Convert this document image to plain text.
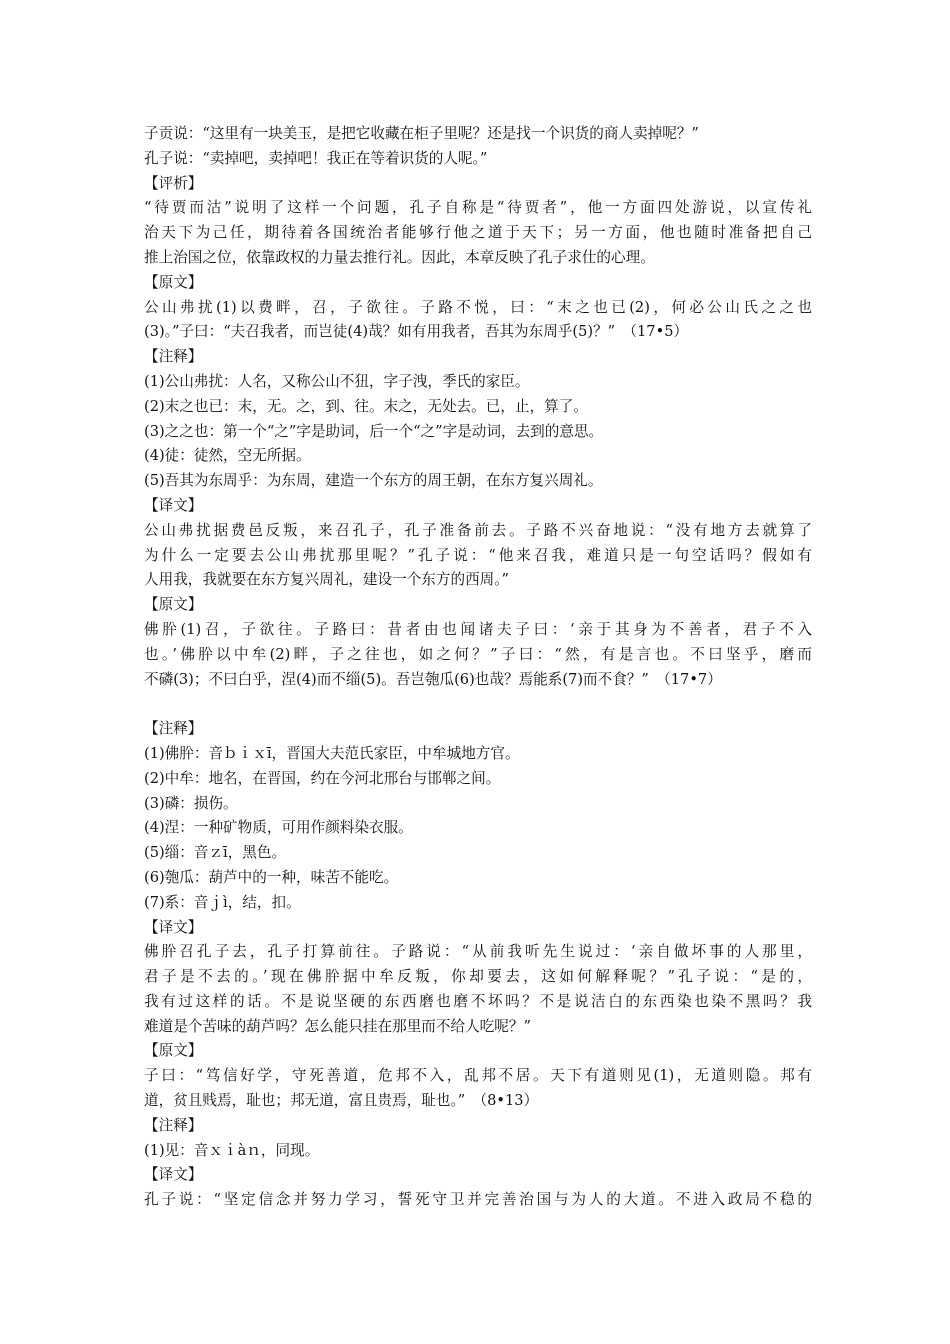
子贡说：“这里有一块美玉，是把它收藏在柜子里呢？还是找一个识货的商人卖掉呢？”
孔子说：“卖掉吧，卖掉吧！我正在等着识货的人呢。”
【评析】
“待贾而沽”说明了这样一个问题，孔子自称是“待贾者”，他一方面四处游说，以宣传礼
治天下为己任，期待着各国统治者能够行他之道于天下；另一方面，他也随时准备把自己
推上治国之位，依靠政权的力量去推行礼。因此，本章反映了孔子求仕的心理。
【原文】
公山弗扰(1)以费畔，召，子欲往。子路不悦，曰：“末之也已(2)，何必公山氏之之也
(3)。”子曰：“夫召我者，而岂徒(4)哉？如有用我者，吾其为东周乎(5)？”　（17•5）
【注释】
(1)公山弗扰：人名，又称公山不狃，字子洩，季氏的家臣。
(2)末之也已：末，无。之，到、往。末之，无处去。已，止，算了。
(3)之之也：第一个“之”字是助词，后一个“之”字是动词，去到的意思。
(4)徒：徒然，空无所据。
(5)吾其为东周乎：为东周，建造一个东方的周王朝，在东方复兴周礼。
【译文】
公山弗扰据费邑反叛，来召孔子，孔子准备前去。子路不兴奋地说：“没有地方去就算了
为什么一定要去公山弗扰那里呢？”孔子说：“他来召我，难道只是一句空话吗？假如有
人用我，我就要在东方复兴周礼，建设一个东方的西周。”
【原文】
佛肸(1)召，子欲往。子路曰：昔者由也闻诸夫子曰：‘亲于其身为不善者，君子不入
也。’佛肸以中牟(2)畔，子之往也，如之何？”子曰：“然，有是言也。不曰坚乎，磨而
不磷(3)；不曰白乎，涅(4)而不缁(5)。吾岂匏瓜(6)也哉？焉能系(7)而不食？”　（17•7）
【注释】
(1)佛肸：音ｂｉｘī，晋国大夫范氏家臣，中牟城地方官。
(2)中牟：地名，在晋国，约在今河北邢台与邯郸之间。
(3)磷：损伤。
(4)涅：一种矿物质，可用作颜料染衣服。
(5)缁：音ｚī，黑色。
(6)匏瓜：葫芦中的一种，味苦不能吃。
(7)系：音ｊì，结，扣。
【译文】
佛肸召孔子去，孔子打算前往。子路说：“从前我听先生说过：‘亲自做坏事的人那里，
君子是不去的。’现在佛肸据中牟反叛，你却要去，这如何解释呢？”孔子说：“是的，
我有过这样的话。不是说坚硬的东西磨也磨不坏吗？不是说洁白的东西染也染不黑吗？我
难道是个苦味的葫芦吗？怎么能只挂在那里而不给人吃呢？”
【原文】
子曰：“笃信好学，守死善道，危邦不入，乱邦不居。天下有道则见(1)，无道则隐。邦有
道，贫且贱焉，耻也；邦无道，富且贵焉，耻也。”　（8•13）
【注释】
(1)见：音ｘｉàｎ，同现。
【译文】
孔子说：“坚定信念并努力学习，誓死守卫并完善治国与为人的大道。不进入政局不稳的
